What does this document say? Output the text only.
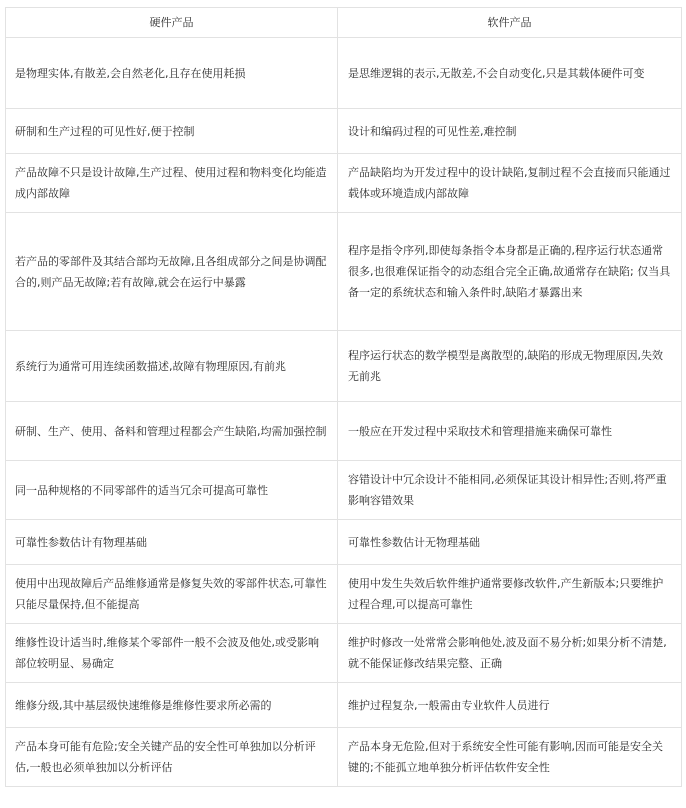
硬件产品	软件产品
是物理实体,有散差,会自然老化,且存在使用耗损	是思维逻辑的表示,无散差,不会自动变化,只是其载体硬件可变
研制和生产过程的可见性好,便于控制	设计和编码过程的可见性差,难控制
产品故障不只是设计故障,生产过程、使用过程和物料变化均能造成内部故障	产品缺陷均为开发过程中的设计缺陷,复制过程不会直接而只能通过载体或环境造成内部故障
若产品的零部件及其结合部均无故障,且各组成部分之间是协调配合的,则产品无故障;若有故障,就会在运行中暴露	程序是指令序列,即使每条指令本身都是正确的,程序运行状态通常很多,也很难保证指令的动态组合完全正确,故通常存在缺陷; 仅当具备一定的系统状态和输入条件时,缺陷才暴露出来
系统行为通常可用连续函数描述,故障有物理原因,有前兆	程序运行状态的数学模型是离散型的,缺陷的形成无物理原因,失效无前兆
研制、生产、使用、备料和管理过程都会产生缺陷,均需加强控制	一般应在开发过程中采取技术和管理措施来确保可靠性
同一品种规格的不同零部件的适当冗余可提高可靠性	容错设计中冗余设计不能相同,必须保证其设计相异性;否则,将严重影响容错效果
可靠性参数估计有物理基础	可靠性参数估计无物理基础
使用中出现故障后产品维修通常是修复失效的零部件状态,可靠性只能尽量保持,但不能提高	使用中发生失效后软件维护通常要修改软件,产生新版本;只要维护过程合理,可以提高可靠性
维修性设计适当时,维修某个零部件一般不会波及他处,或受影响部位较明显、易确定	维护时修改一处常常会影响他处,波及面不易分析;如果分析不清楚,就不能保证修改结果完整、正确
维修分级,其中基层级快速维修是维修性要求所必需的	维护过程复杂,一般需由专业软件人员进行
产品本身可能有危险;安全关键产品的安全性可单独加以分析评估,一般也必须单独加以分析评估	产品本身无危险,但对于系统安全性可能有影响,因而可能是安全关键的;不能孤立地单独分析评估软件安全性
